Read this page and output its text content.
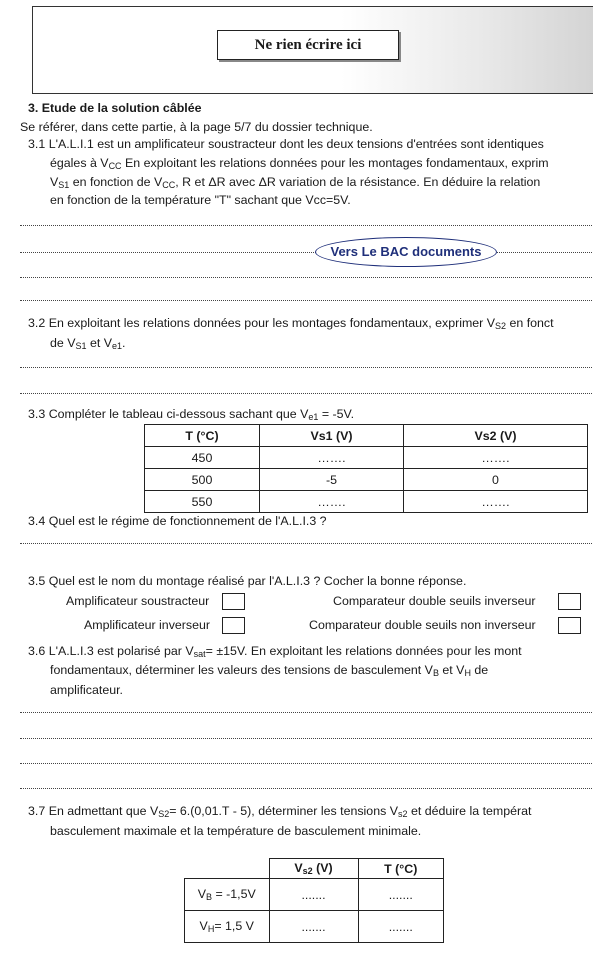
Ne rien écrire ici
3. Etude de la solution câblée
Se référer, dans cette partie, à la page 5/7 du dossier technique.
3.1 L'A.L.I.1 est un amplificateur soustracteur dont les deux tensions d'entrées sont identiques
égales à $V_{CC}$ En exploitant les relations données pour les montages fondamentaux, exprim
$V_{S1}$ en fonction de $V_{CC}$, R et ΔR avec ΔR variation de la résistance. En déduire la relation
en fonction de la température "T" sachant que Vcc=5V.
Vers Le BAC documents
3.2 En exploitant les relations données pour les montages fondamentaux, exprimer $V_{S2}$ en fonct
de $V_{S1}$ et $V_{e1}$.
3.3 Compléter le tableau ci-dessous sachant que $V_{e1} = -5V$.
T (°C)	Vs1 (V)	Vs2 (V)
450	…….	…….
500	-5	0
550	…….	…….
3.4 Quel est le régime de fonctionnement de l'A.L.I.3 ?
3.5 Quel est le nom du montage réalisé par l'A.L.I.3 ? Cocher la bonne réponse.
Amplificateur soustracteur	Comparateur double seuils inverseur
Amplificateur inverseur	Comparateur double seuils non inverseur
3.6 L'A.L.I.3 est polarisé par $V_{sat}= \pm 15V$. En exploitant les relations données pour les mont
fondamentaux, déterminer les valeurs des tensions de basculement $V_B$ et $V_H$ de
amplificateur.
3.7 En admettant que $V_{S2}= 6.(0,01.T - 5)$, déterminer les tensions $V_{s2}$ et déduire la températ
basculement maximale et la température de basculement minimale.
	$V_{s2}$ (V)	T (°C)
$V_B = -1,5V$	.......	.......
$V_H= 1,5$ V	.......	.......
